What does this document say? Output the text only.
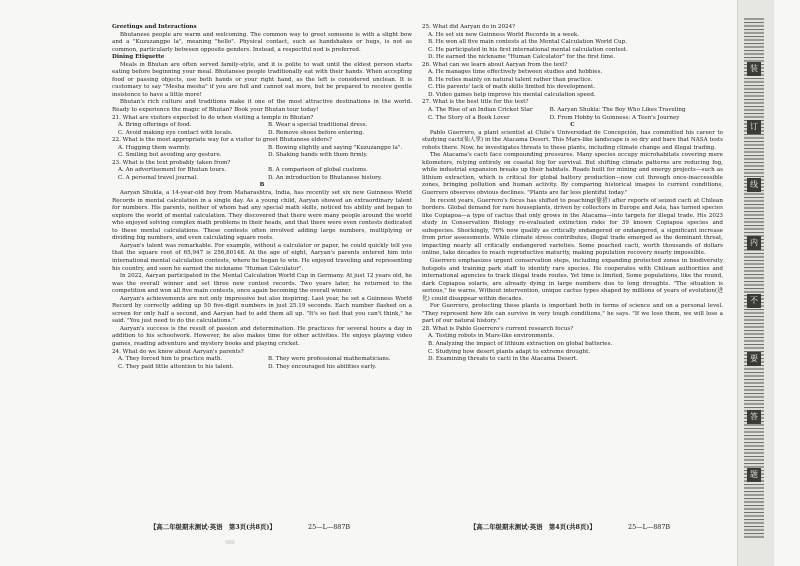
Greetings and Interactions

Bhutanese people are warm and welcoming. The common way to greet someone is with a slight bow and a "Kuzuzangpo la", meaning "hello". Physical contact, such as handshakes or hugs, is not as common, particularly between opposite genders. Instead, a respectful nod is preferred.

Dining Etiquette

Meals in Bhutan are often served family-style, and it is polite to wait until the eldest person starts eating before beginning your meal. Bhutanese people traditionally eat with their hands. When accepting food or passing objects, use both hands or your right hand, as the left is considered unclean. It is customary to say "Mesha mesha" if you are full and cannot eat more, but be prepared to receive gentle insistence to have a little more!

Bhutan's rich culture and traditions make it one of the most attractive destinations in the world. Ready to experience the magic of Bhutan? Book your Bhutan tour today!

21. What are visitors expected to do when visiting a temple in Bhutan?

A. Bring offerings of food.	B. Wear a special traditional dress.
C. Avoid making eye contact with locals.	D. Remove shoes before entering.

22. What is the most appropriate way for a visitor to greet Bhutanese elders?

A. Hugging them warmly.	B. Bowing slightly and saying "Kuzuzangpo la".
C. Smiling but avoiding any gesture.	D. Shaking hands with them firmly.

23. What is the text probably taken from?

A. An advertisement for Bhutan tours.	B. A comparison of global customs.
C. A personal travel journal.	D. An introduction to Bhutanese history.

B

Aaryan Shukla, a 14-year-old boy from Maharashtra, India, has recently set six new Guinness World Records in mental calculation in a single day. As a young child, Aaryan showed an extraordinary talent for numbers. His parents, neither of whom had any special math skills, noticed his ability and began to explore the world of mental calculation. They discovered that there were many people around the world who enjoyed solving complex math problems in their heads, and that there were even contests dedicated to these mental calculations. These contests often involved adding large numbers, multiplying or dividing big numbers, and even calculating square roots.

Aaryan's talent was remarkable. For example, without a calculator or paper, he could quickly tell you that the square root of 65,947 is 256,80148. At the age of eight, Aaryan's parents entered him into international mental calculation contests, where he began to win. He enjoyed traveling and representing his country, and soon he earned the nickname "Human Calculator".

In 2022, Aaryan participated in the Mental Calculation World Cup in Germany. At just 12 years old, he was the overall winner and set three new contest records. Two years later, he returned to the competition and won all five main contests, once again becoming the overall winner.

Aaryan's achievements are not only impressive but also inspiring. Last year, he set a Guinness World Record by correctly adding up 50 five-digit numbers in just 25.19 seconds. Each number flashed on a screen for only half a second, and Aaryan had to add them all up. "It's so fast that you can't think," he said. "You just need to do the calculations."

Aaryan's success is the result of passion and determination. He practices for several hours a day in addition to his schoolwork. However, he also makes time for other activities. He enjoys playing video games, reading adventure and mystery books and playing cricket.

24. What do we know about Aaryan's parents?

A. They forced him to practice math.	B. They were professional mathematicians.
C. They paid little attention to his talent.	D. They encouraged his abilities early.

25. What did Aaryan do in 2024?

A. He set six new Guinness World Records in a week.
B. He won all five main contests at the Mental Calculation World Cup.
C. He participated in his first international mental calculation contest.
D. He earned the nickname "Human Calculator" for the first time.

26. What can we learn about Aaryan from the text?

A. He manages time effectively between studies and hobbies.
B. He relies mainly on natural talent rather than practice.
C. His parents' lack of math skills limited his development.
D. Video games help improve his mental calculation speed.

27. What is the best title for the text?

A. The Rise of an Indian Cricket Star	B. Aaryan Shukla: The Boy Who Likes Traveling
C. The Story of a Book Lover	D. From Hobby to Guinness: A Teen's Journey

C

Pablo Guerrero, a plant scientist at Chile's Universidad de Concepción, has committed his career to studying cacti(仙人掌) in the Atacama Desert. This Mars-like landscape is so dry and bare that NASA tests robots there. Now, he investigates threats to these plants, including climate change and illegal trading.

The Atacama's cacti face compounding pressures. Many species occupy microhabitats covering mere kilometers, relying entirely on coastal fog for survival. But shifting climate patterns are reducing fog, while industrial expansion breaks up their habitats. Roads built for mining and energy projects—such as lithium extraction, which is critical for global battery production—now cut through once-inaccessible zones, bringing pollution and human activity. By comparing historical images to current conditions, Guerrero observes obvious declines. "Plants are far less plentiful today."

In recent years, Guerrero's focus has shifted to poaching(偷猎) after reports of seized cacti at Chilean borders. Global demand for rare houseplants, driven by collectors in Europe and Asia, has turned species like Copiapoa—a type of cactus that only grows in the Atacama—into targets for illegal trade. His 2023 study in Conservation Biology re-evaluated extinction risks for 39 known Copiapoa species and subspecies. Shockingly, 76% now qualify as critically endangered or endangered, a significant increase from prior assessments. While climate stress contributes, illegal trade emerged as the dominant threat, impacting nearly all critically endangered varieties. Some poached cacti, worth thousands of dollars online, take decades to reach reproductive maturity, making population recovery nearly impossible.

Guerrero emphasizes urgent conservation steps, including expanding protected zones in biodiversity hotspots and training park staff to identify rare species. He cooperates with Chilean authorities and international agencies to track illegal trade routes. Yet time is limited, Some populations, like the round, dark Copiapoa solaris, are already dying in large numbers due to long droughts. "The situation is serious," he warns. Without intervention, unique cactus types shaped by millions of years of evolution(进化) could disappear within decades.

For Guerrero, protecting these plants is important both in terms of science and on a personal level. "They represent how life can survive in very tough conditions," he says. "If we lose them, we will lose a part of our natural history."

28. What is Pablo Guerrero's current research focus?

A. Testing robots in Mars-like environments.
B. Analyzing the impact of lithium extraction on global batteries.
C. Studying how desert plants adapt to extreme drought.
D. Examining threats to cacti in the Atacama Desert.
【高二年级期末测试·英语　第3页(共8页)】	25—L—887B	【高二年级期末测试·英语　第4页(共8页)】	25—L—887B
装
订
线
内
不
要
答
题
